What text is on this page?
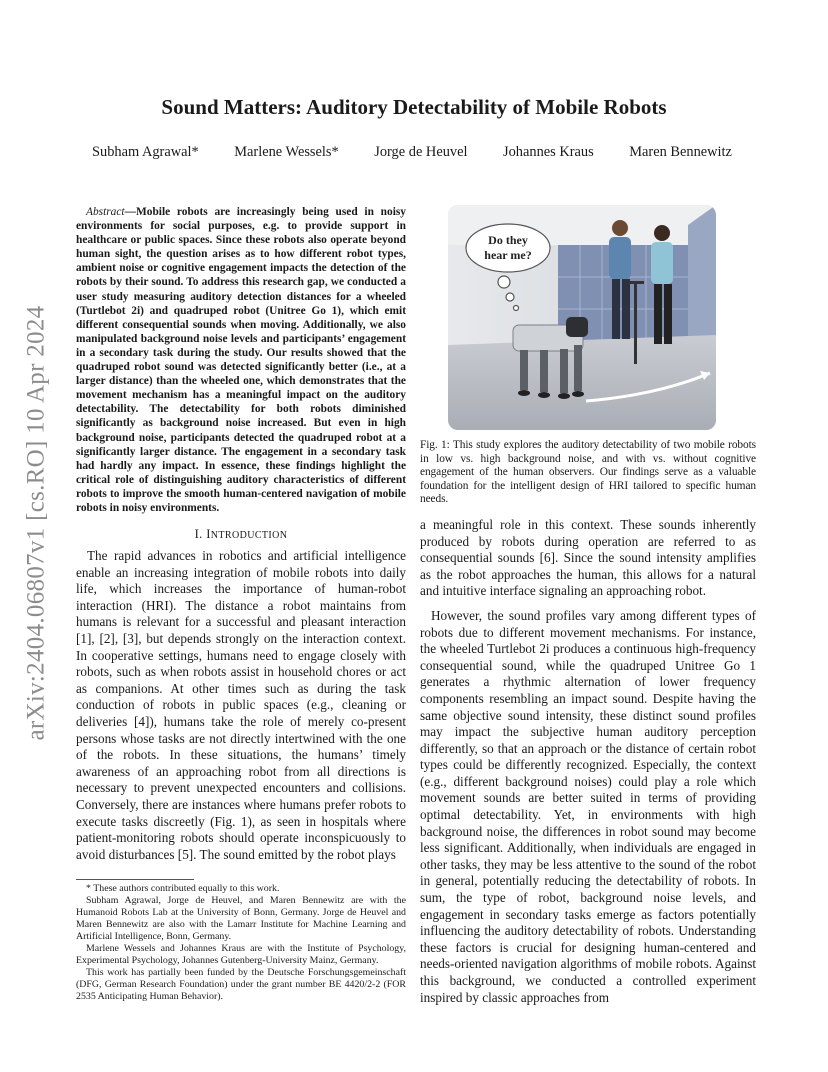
arXiv:2404.06807v1 [cs.RO] 10 Apr 2024
Sound Matters: Auditory Detectability of Mobile Robots
Subham Agrawal* Marlene Wessels* Jorge de Heuvel Johannes Kraus Maren Bennewitz

Abstract—Mobile robots are increasingly being used in noisy environments for social purposes, e.g. to provide support in healthcare or public spaces. Since these robots also operate beyond human sight, the question arises as to how different robot types, ambient noise or cognitive engagement impacts the detection of the robots by their sound. To address this research gap, we conducted a user study measuring auditory detection distances for a wheeled (Turtlebot 2i) and quadruped robot (Unitree Go 1), which emit different consequential sounds when moving. Additionally, we also manipulated background noise levels and participants’ engagement in a secondary task during the study. Our results showed that the quadruped robot sound was detected significantly better (i.e., at a larger distance) than the wheeled one, which demonstrates that the movement mechanism has a meaningful impact on the auditory detectability. The detectability for both robots diminished significantly as background noise increased. But even in high background noise, participants detected the quadruped robot at a significantly larger distance. The engagement in a secondary task had hardly any impact. In essence, these findings highlight the critical role of distinguishing auditory characteristics of different robots to improve the smooth human-centered navigation of mobile robots in noisy environments.

I. INTRODUCTION

The rapid advances in robotics and artificial intelligence enable an increasing integration of mobile robots into daily life, which increases the importance of human-robot interaction (HRI). The distance a robot maintains from humans is relevant for a successful and pleasant interaction [1], [2], [3], but depends strongly on the interaction context. In cooperative settings, humans need to engage closely with robots, such as when robots assist in household chores or act as companions. At other times such as during the task conduction of robots in public spaces (e.g., cleaning or deliveries [4]), humans take the role of merely co-present persons whose tasks are not directly intertwined with the one of the robots. In these situations, the humans’ timely awareness of an approaching robot from all directions is necessary to prevent unexpected encounters and collisions. Conversely, there are instances where humans prefer robots to execute tasks discreetly (Fig. 1), as seen in hospitals where patient-monitoring robots should operate inconspicuously to avoid disturbances [5]. The sound emitted by the robot plays

* These authors contributed equally to this work.

Subham Agrawal, Jorge de Heuvel, and Maren Bennewitz are with the Humanoid Robots Lab at the University of Bonn, Germany. Jorge de Heuvel and Maren Bennewitz are also with the Lamarr Institute for Machine Learning and Artificial Intelligence, Bonn, Germany.

Marlene Wessels and Johannes Kraus are with the Institute of Psychology, Experimental Psychology, Johannes Gutenberg-University Mainz, Germany.

This work has partially been funded by the Deutsche Forschungsgemeinschaft (DFG, German Research Foundation) under the grant number BE 4420/2-2 (FOR 2535 Anticipating Human Behavior).

Do they
hear me?

Fig. 1: This study explores the auditory detectability of two mobile robots in low vs. high background noise, and with vs. without cognitive engagement of the human observers. Our findings serve as a valuable foundation for the intelligent design of HRI tailored to specific human needs.

a meaningful role in this context. These sounds inherently produced by robots during operation are referred to as consequential sounds [6]. Since the sound intensity amplifies as the robot approaches the human, this allows for a natural and intuitive interface signaling an approaching robot.

However, the sound profiles vary among different types of robots due to different movement mechanisms. For instance, the wheeled Turtlebot 2i produces a continuous high-frequency consequential sound, while the quadruped Unitree Go 1 generates a rhythmic alternation of lower frequency components resembling an impact sound. Despite having the same objective sound intensity, these distinct sound profiles may impact the subjective human auditory perception differently, so that an approach or the distance of certain robot types could be differently recognized. Especially, the context (e.g., different background noises) could play a role which movement sounds are better suited in terms of providing optimal detectability. Yet, in environments with high background noise, the differences in robot sound may become less significant. Additionally, when individuals are engaged in other tasks, they may be less attentive to the sound of the robot in general, potentially reducing the detectability of robots. In sum, the type of robot, background noise levels, and engagement in secondary tasks emerge as factors potentially influencing the auditory detectability of robots. Understanding these factors is crucial for designing human-centered and needs-oriented navigation algorithms of mobile robots. Against this background, we conducted a controlled experiment inspired by classic approaches from
